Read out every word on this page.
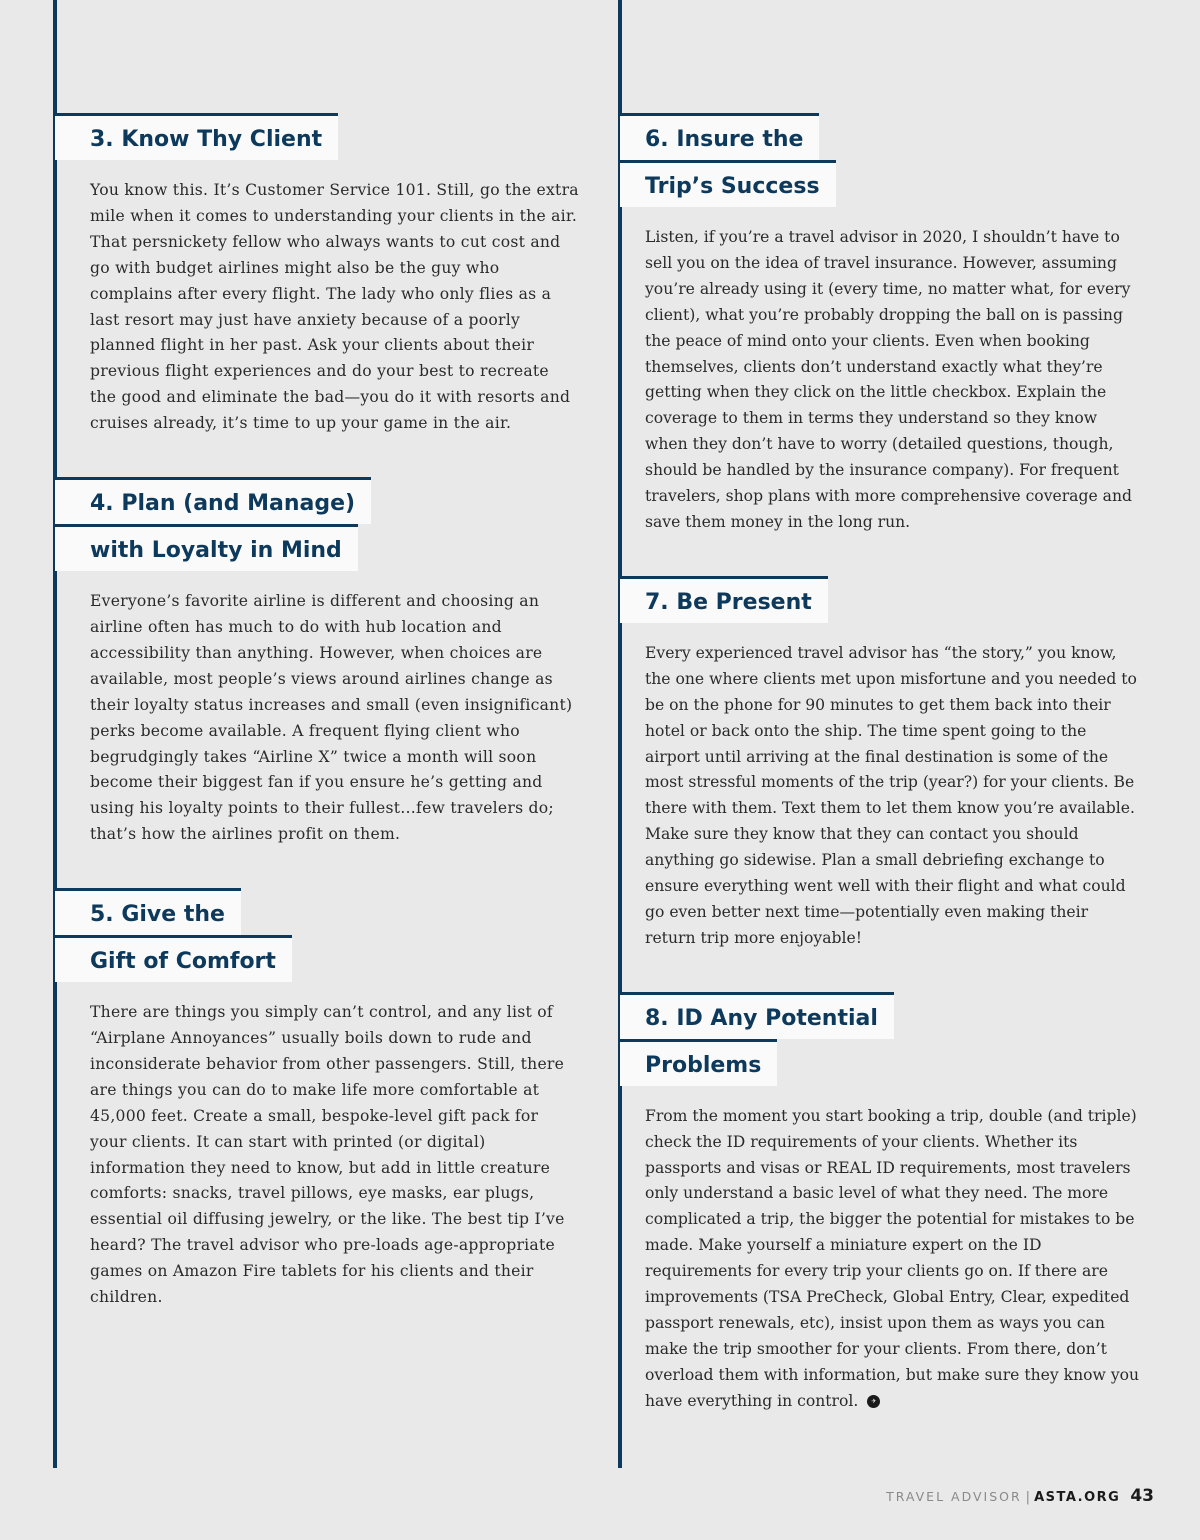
3. Know Thy Client
You know this. It’s Customer Service 101. Still, go the extra mile when it comes to understanding your clients in the air. That persnickety fellow who always wants to cut cost and go with budget airlines might also be the guy who complains after every flight. The lady who only flies as a last resort may just have anxiety because of a poorly planned flight in her past. Ask your clients about their previous flight experiences and do your best to recreate the good and eliminate the bad—you do it with resorts and cruises already, it’s time to up your game in the air.
4. Plan (and Manage)
with Loyalty in Mind
Everyone’s favorite airline is different and choosing an airline often has much to do with hub location and accessibility than anything. However, when choices are available, most people’s views around airlines change as their loyalty status increases and small (even insignificant) perks become available. A frequent flying client who begrudgingly takes “Airline X” twice a month will soon become their biggest fan if you ensure he’s getting and using his loyalty points to their fullest…few travelers do; that’s how the airlines profit on them.
5. Give the
Gift of Comfort
There are things you simply can’t control, and any list of “Airplane Annoyances” usually boils down to rude and inconsiderate behavior from other passengers. Still, there are things you can do to make life more comfortable at 45,000 feet. Create a small, bespoke-level gift pack for your clients. It can start with printed (or digital) information they need to know, but add in little creature comforts: snacks, travel pillows, eye masks, ear plugs, essential oil diffusing jewelry, or the like. The best tip I’ve heard? The travel advisor who pre-loads age-appropriate games on Amazon Fire tablets for his clients and their children.
6. Insure the
Trip’s Success
Listen, if you’re a travel advisor in 2020, I shouldn’t have to sell you on the idea of travel insurance. However, assuming you’re already using it (every time, no matter what, for every client), what you’re probably dropping the ball on is passing the peace of mind onto your clients. Even when booking themselves, clients don’t understand exactly what they’re getting when they click on the little checkbox. Explain the coverage to them in terms they understand so they know when they don’t have to worry (detailed questions, though, should be handled by the insurance company). For frequent travelers, shop plans with more comprehensive coverage and save them money in the long run.
7. Be Present
Every experienced travel advisor has “the story,” you know, the one where clients met upon misfortune and you needed to be on the phone for 90 minutes to get them back into their hotel or back onto the ship. The time spent going to the airport until arriving at the final destination is some of the most stressful moments of the trip (year?) for your clients. Be there with them. Text them to let them know you’re available. Make sure they know that they can contact you should anything go sidewise. Plan a small debriefing exchange to ensure everything went well with their flight and what could go even better next time—potentially even making their return trip more enjoyable!
8. ID Any Potential
Problems
From the moment you start booking a trip, double (and triple) check the ID requirements of your clients. Whether its passports and visas or REAL ID requirements, most travelers only understand a basic level of what they need. The more complicated a trip, the bigger the potential for mistakes to be made. Make yourself a miniature expert on the ID requirements for every trip your clients go on. If there are improvements (TSA PreCheck, Global Entry, Clear, expedited passport renewals, etc), insist upon them as ways you can make the trip smoother for your clients. From there, don’t overload them with information, but make sure they know you have everything in control. ✈
TRAVEL ADVISOR | ASTA.ORG 43
